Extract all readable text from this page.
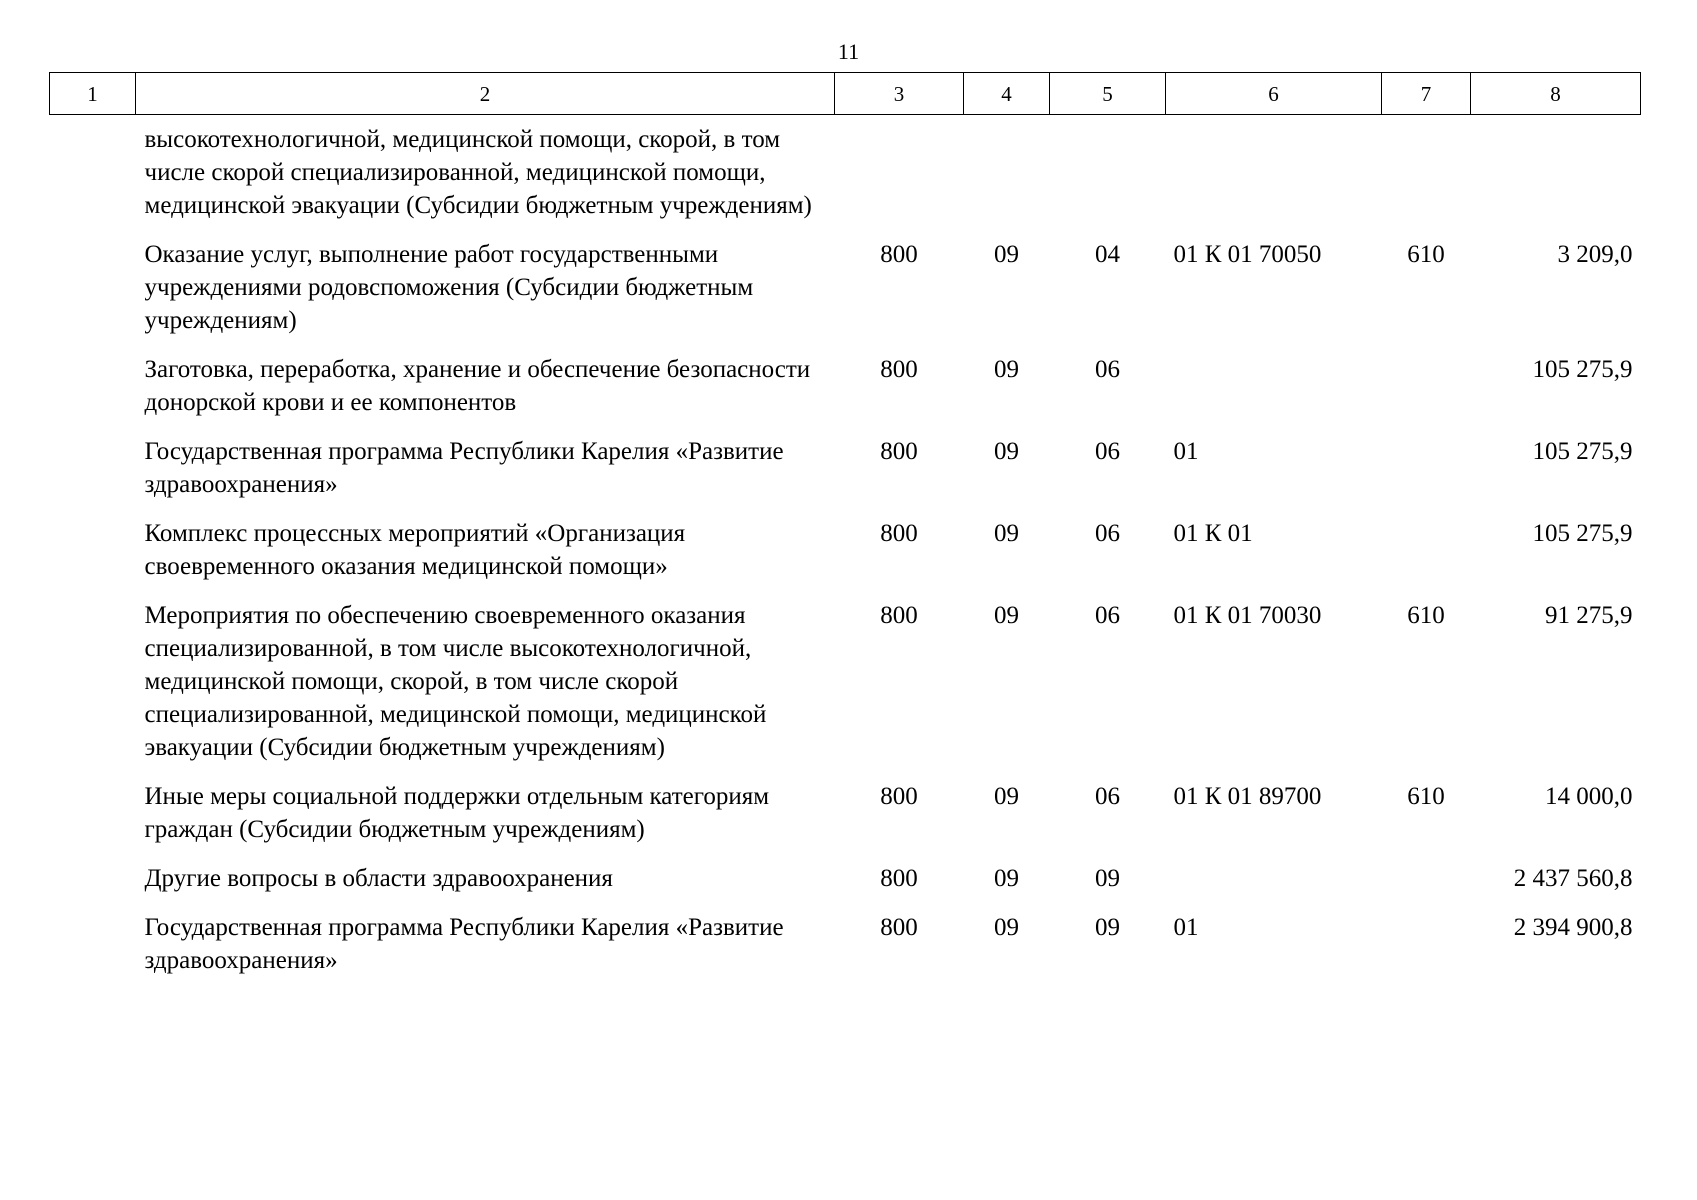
11
1	2	3	4	5	6	7	8
	высокотехнологичной, медицинской помощи, скорой, в том числе скорой специализированной, медицинской помощи, медицинской эвакуации (Субсидии бюджетным учреждениям)						
	Оказание услуг, выполнение работ государственными учреждениями родовспоможения (Субсидии бюджетным учреждениям)	800	09	04	01 К 01 70050	610	3 209,0
	Заготовка, переработка, хранение и обеспечение безопасности донорской крови и ее компонентов	800	09	06			105 275,9
	Государственная программа Республики Карелия «Развитие здравоохранения»	800	09	06	01		105 275,9
	Комплекс процессных мероприятий «Организация своевременного оказания медицинской помощи»	800	09	06	01 К 01		105 275,9
	Мероприятия по обеспечению своевременного оказания специализированной, в том числе высокотехнологичной, медицинской помощи, скорой, в том числе скорой специализированной, медицинской помощи, медицинской эвакуации (Субсидии бюджетным учреждениям)	800	09	06	01 К 01 70030	610	91 275,9
	Иные меры социальной поддержки отдельным категориям граждан (Субсидии бюджетным учреждениям)	800	09	06	01 К 01 89700	610	14 000,0
	Другие вопросы в области здравоохранения	800	09	09			2 437 560,8
	Государственная программа Республики Карелия «Развитие здравоохранения»	800	09	09	01		2 394 900,8
